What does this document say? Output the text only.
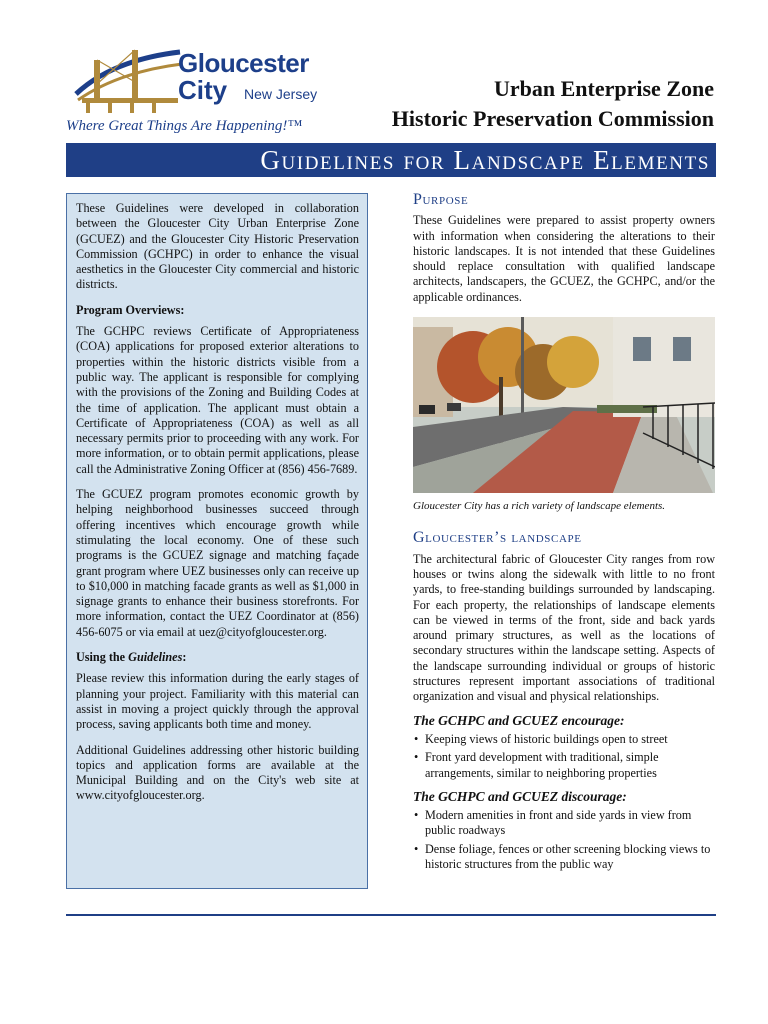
Gloucester
City New Jersey
Where Great Things Are Happening!™
Urban Enterprise Zone
Historic Preservation Commission
Guidelines for Landscape Elements

These Guidelines were developed in collaboration between the Gloucester City Urban Enterprise Zone (GCUEZ) and the Gloucester City Historic Preservation Commission (GCHPC) in order to enhance the visual aesthetics in the Gloucester City commercial and historic districts.

Program Overviews:

The GCHPC reviews Certificate of Appropriateness (COA) applications for proposed exterior alterations to properties within the historic districts visible from a public way. The applicant is responsible for complying with the provisions of the Zoning and Building Codes at the time of application. The applicant must obtain a Certificate of Appropriateness (COA) as well as all necessary permits prior to proceeding with any work. For more information, or to obtain permit applications, please call the Administrative Zoning Officer at (856) 456-7689.

The GCUEZ program promotes economic growth by helping neighborhood businesses succeed through offering incentives which encourage growth while stimulating the local economy. One of these such programs is the GCUEZ signage and matching façade grant program where UEZ businesses only can receive up to $10,000 in matching facade grants as well as $1,000 in signage grants to enhance their business storefronts. For more information, contact the UEZ Coordinator at (856) 456-6075 or via email at uez@cityofgloucester.org.

Using the Guidelines:

Please review this information during the early stages of planning your project. Familiarity with this material can assist in moving a project quickly through the approval process, saving applicants both time and money.

Additional Guidelines addressing other historic building topics and application forms are available at the Municipal Building and on the City's web site at www.cityofgloucester.org.

Purpose

These Guidelines were prepared to assist property owners with information when considering the alterations to their historic landscapes. It is not intended that these Guidelines should replace consultation with qualified landscape architects, landscapers, the GCUEZ, the GCHPC, and/or the applicable ordinances.

Gloucester City has a rich variety of landscape elements.
Gloucester’s landscape

The architectural fabric of Gloucester City ranges from row houses or twins along the sidewalk with little to no front yards, to free-standing buildings surrounded by landscaping. For each property, the relationships of landscape elements can be viewed in terms of the front, side and back yards around primary structures, as well as the locations of secondary structures within the landscape setting. Aspects of the landscape surrounding individual or groups of historic structures represent important associations of traditional organization and visual and physical relationships.

The GCHPC and GCUEZ encourage:
• Keeping views of historic buildings open to street
• Front yard development with traditional, simple arrangements, similar to neighboring properties
The GCHPC and GCUEZ discourage:
• Modern amenities in front and side yards in view from public roadways
• Dense foliage, fences or other screening blocking views to historic structures from the public way
